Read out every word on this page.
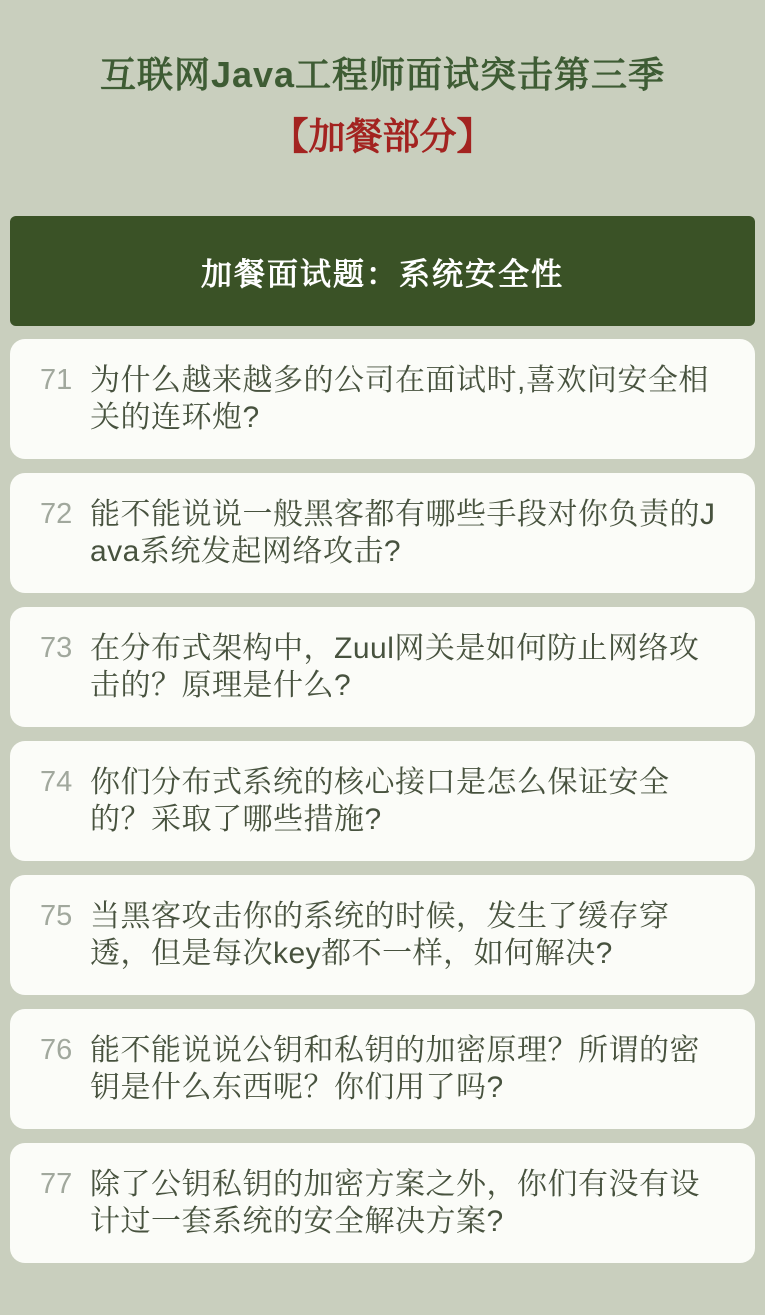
互联网Java工程师面试突击第三季
【加餐部分】
加餐面试题：系统安全性
71 为什么越来越多的公司在面试时,喜欢问安全相关的连环炮?
72 能不能说说一般黑客都有哪些手段对你负责的Java系统发起网络攻击?
73 在分布式架构中，Zuul网关是如何防止网络攻击的？原理是什么?
74 你们分布式系统的核心接口是怎么保证安全的？采取了哪些措施?
75 当黑客攻击你的系统的时候，发生了缓存穿透，但是每次key都不一样，如何解决?
76 能不能说说公钥和私钥的加密原理？所谓的密钥是什么东西呢？你们用了吗?
77 除了公钥私钥的加密方案之外，你们有没有设计过一套系统的安全解决方案?
